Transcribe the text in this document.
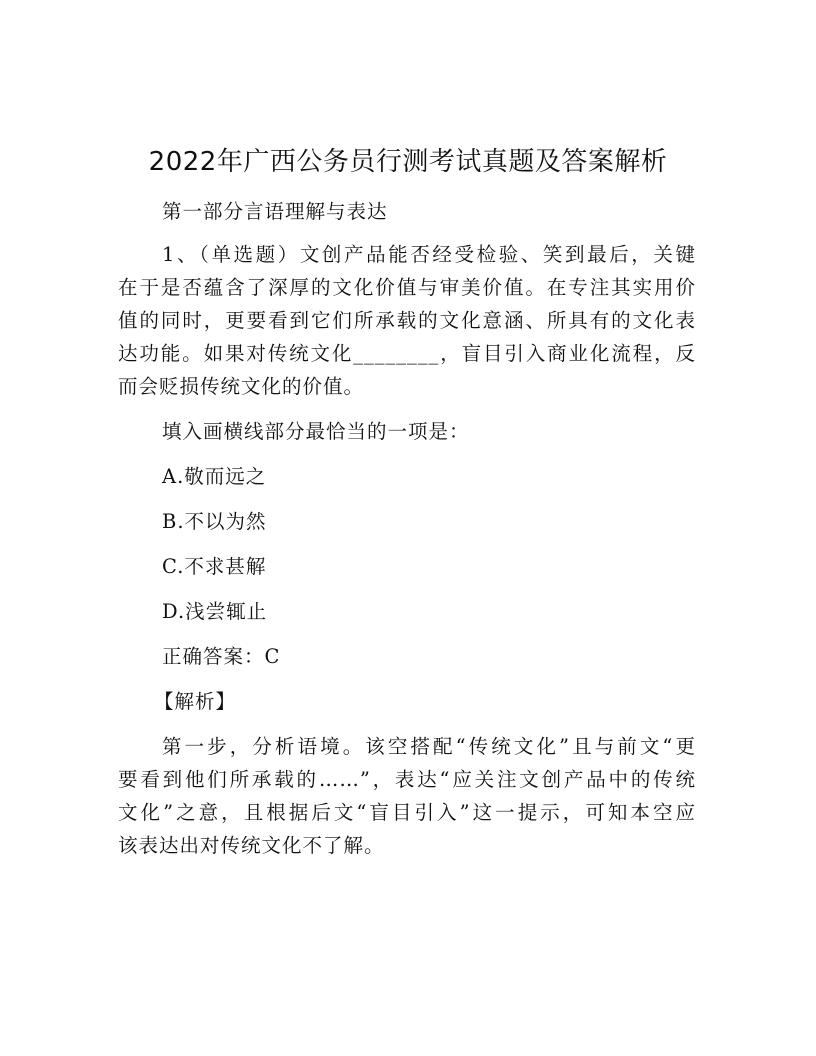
2022年广西公务员行测考试真题及答案解析

第一部分言语理解与表达

1、（单选题）文创产品能否经受检验、笑到最后，关键

在于是否蕴含了深厚的文化价值与审美价值。在专注其实用价

值的同时，更要看到它们所承载的文化意涵、所具有的文化表

达功能。如果对传统文化________，盲目引入商业化流程，反

而会贬损传统文化的价值。

填入画横线部分最恰当的一项是：

A.敬而远之

B.不以为然

C.不求甚解

D.浅尝辄止

正确答案：C

【解析】

第一步，分析语境。该空搭配“传统文化”且与前文“更

要看到他们所承载的……”，表达“应关注文创产品中的传统

文化”之意，且根据后文“盲目引入”这一提示，可知本空应

该表达出对传统文化不了解。
